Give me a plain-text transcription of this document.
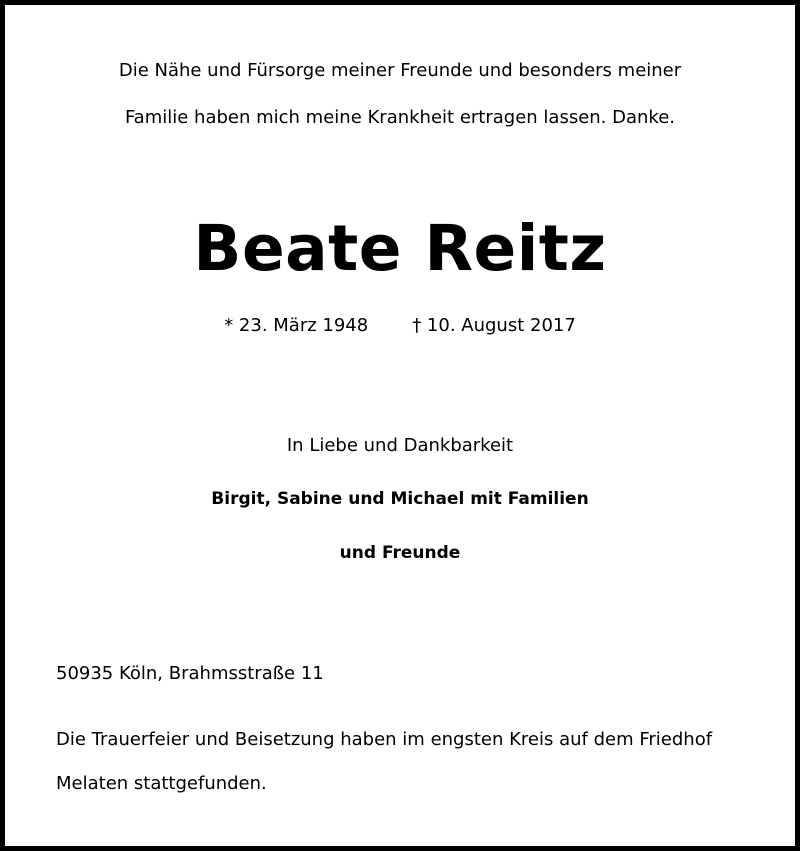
Die Nähe und Fürsorge meiner Freunde und besonders meiner
Familie haben mich meine Krankheit ertragen lassen. Danke.
Beate Reitz
* 23. März 1948 † 10. August 2017
In Liebe und Dankbarkeit
Birgit, Sabine und Michael mit Familien
und Freunde
50935 Köln, Brahmsstraße 11
Die Trauerfeier und Beisetzung haben im engsten Kreis auf dem Friedhof
Melaten stattgefunden.
